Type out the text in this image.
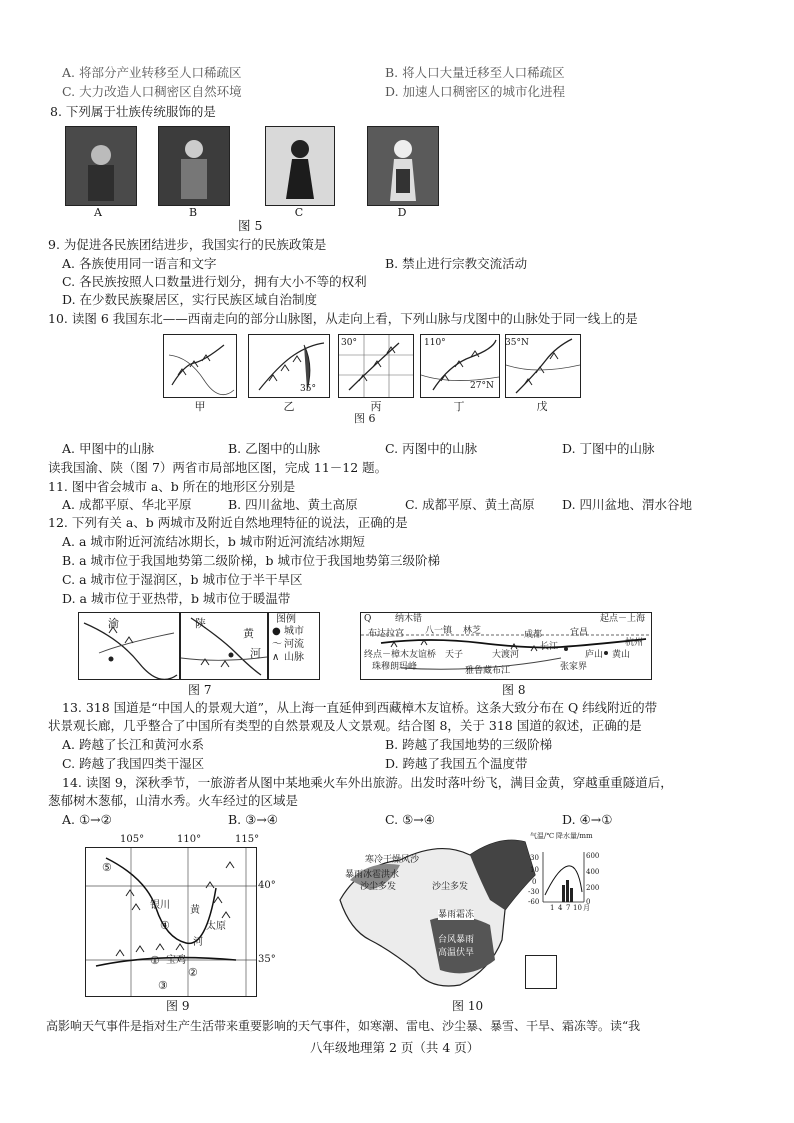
A. 将部分产业转移至人口稀疏区	B. 将人口大量迁移至人口稀疏区
C. 大力改造人口稠密区自然环境	D. 加速人口稠密区的城市化进程
8. 下列属于壮族传统服饰的是
A	B	C	D
图 5
9. 为促进各民族团结进步，我国实行的民族政策是
A. 各族使用同一语言和文字	B. 禁止进行宗教交流活动
C. 各民族按照人口数量进行划分，拥有大小不等的权利
D. 在少数民族聚居区，实行民族区域自治制度
10. 读图 6 我国东北——西南走向的部分山脉图，从走向上看，下列山脉与戊图中的山脉处于同一线上的是
35°
30°	110°
27°N
35°N
甲	乙	丙	丁	戊
图 6
A. 甲图中的山脉	B. 乙图中的山脉	C. 丙图中的山脉	D. 丁图中的山脉
读我国渝、陕（图 7）两省市局部地区图，完成 11－12 题。
11. 图中省会城市 a、b 所在的地形区分别是
A. 成都平原、华北平原	B. 四川盆地、黄土高原	C. 成都平原、黄土高原 D. 四川盆地、渭水谷地
12. 下列有关 a、b 两城市及附近自然地理特征的说法，正确的是
A. a 城市附近河流结冰期长，b 城市附近河流结冰期短
B. a 城市位于我国地势第二级阶梯，b 城市位于我国地势第三级阶梯
C. a 城市位于湿润区，b 城市位于半干旱区
D. a 城市位于亚热带，b 城市位于暖温带
渝	陕
黄
河
图例
● 城市
～ 河流
∧ 山脉
图 7
Q	纳木错	起点－上海
布达拉宫 八一镇 林芝	成都	宜昌
杭州
终点－樟木友谊桥
珠穆朗玛峰
庐山 黄山
张家界
雅鲁藏布江
长江
大渡河
天子
图 8
13. 318 国道是“中国人的景观大道”，从上海一直延伸到西藏樟木友谊桥。这条大致分布在 Q 纬线附近的带
状景观长廊，几乎整合了中国所有类型的自然景观及人文景观。结合图 8，关于 318 国道的叙述，正确的是
A. 跨越了长江和黄河水系	B. 跨越了我国地势的三级阶梯
C. 跨越了我国四类干湿区	D. 跨越了我国五个温度带
14. 读图 9，深秋季节，一旅游者从图中某地乘火车外出旅游。出发时落叶纷飞，满目金黄，穿越重重隧道后，
葱郁树木葱郁，山清水秀。火车经过的区域是
A. ①→②	B. ③→④	C. ⑤→④	D. ④→①
105°	110°	115°
40°
35°
⑤
银川
④
黄
河
太原
① 宝鸡
②
③
图 9
寒冷干燥风沙
暴雨冰雹洪水
沙尘多发	沙尘多发
暴雨霜冻
台风暴雨
高温伏旱
气温/℃ 降水量/mm
30
10
0
-30
-60
600
400
200
0
1 4 7 10 月
图 10
高影响天气事件是指对生产生活带来重要影响的天气事件，如寒潮、雷电、沙尘暴、暴雪、干旱、霜冻等。读“我
八年级地理第 2 页（共 4 页）
